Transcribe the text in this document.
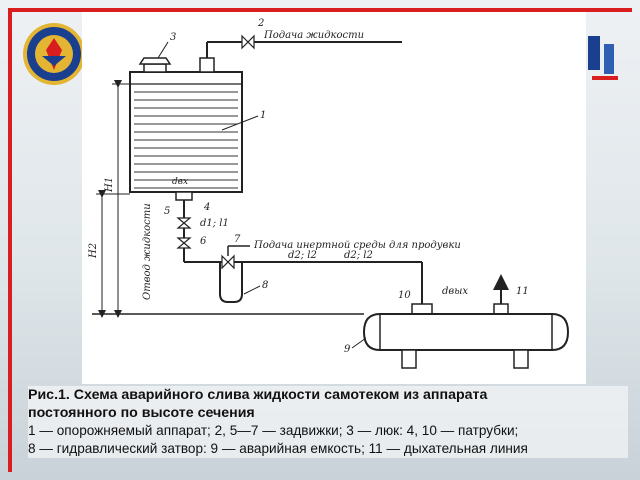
3
2
Подача жидкости
1
dвх
4
5
d1; l1
6	7
Подача инертной среды для продувки
8
d2; l2	d2; l2
10	dвых	11
9
H1
H2	Отвод жидкости
Рис.1. Схема аварийного слива жидкости самотеком из аппарата
постоянного по высоте сечения
1 — опорожняемый аппарат; 2, 5—7 — задвижки; 3 — люк: 4, 10 — патрубки;
8 — гидравлический затвор: 9 — аварийная емкость; 11 — дыхательная линия
